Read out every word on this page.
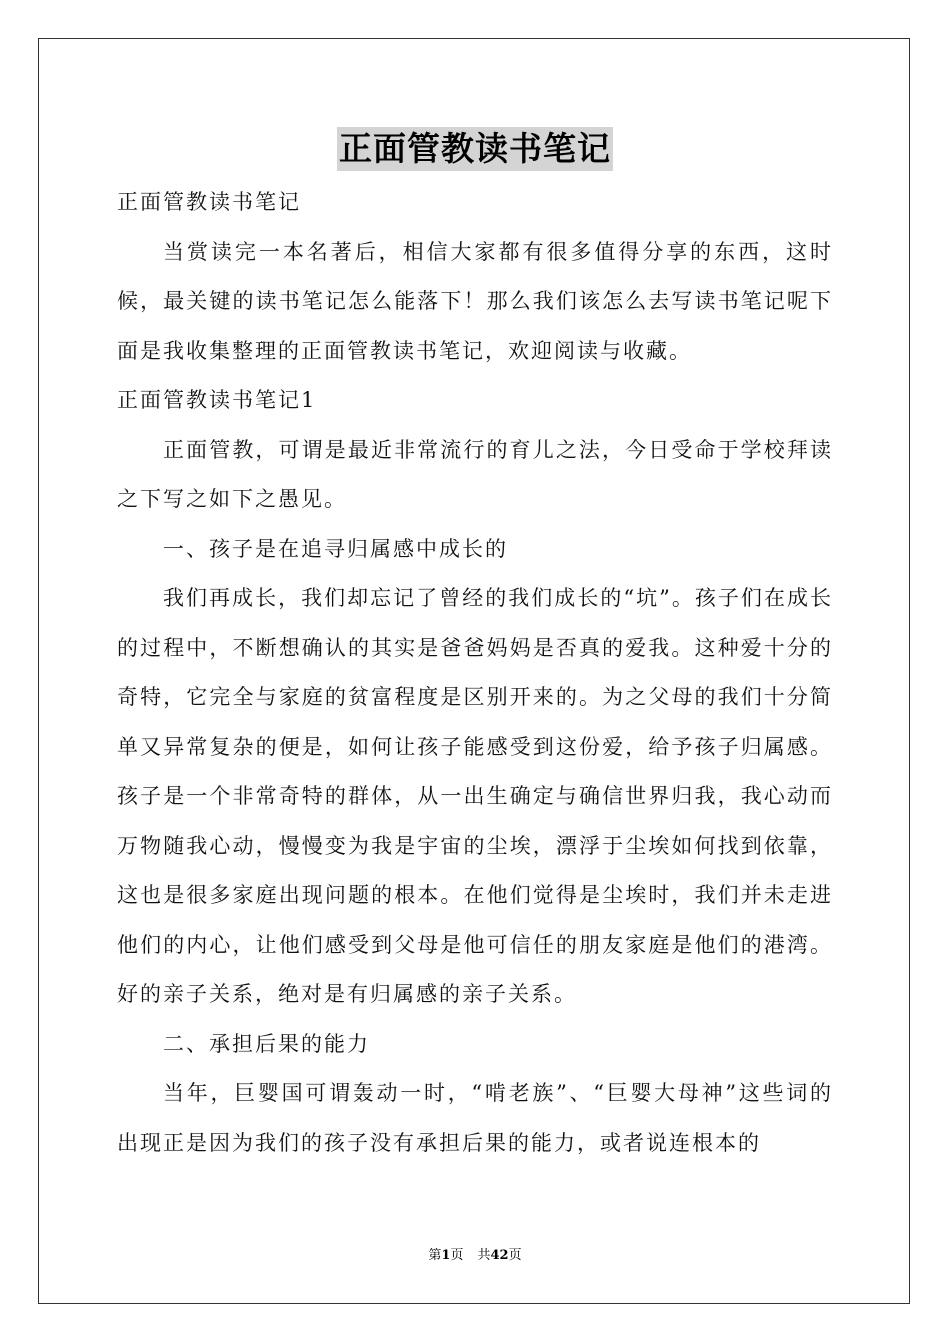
正面管教读书笔记

正面管教读书笔记

当赏读完一本名著后，相信大家都有很多值得分享的东西，这时候，最关键的读书笔记怎么能落下！那么我们该怎么去写读书笔记呢下面是我收集整理的正面管教读书笔记，欢迎阅读与收藏。

正面管教读书笔记1

正面管教，可谓是最近非常流行的育儿之法，今日受命于学校拜读之下写之如下之愚见。

一、孩子是在追寻归属感中成长的

我们再成长，我们却忘记了曾经的我们成长的“坑”。孩子们在成长的过程中，不断想确认的其实是爸爸妈妈是否真的爱我。这种爱十分的奇特，它完全与家庭的贫富程度是区别开来的。为之父母的我们十分简单又异常复杂的便是，如何让孩子能感受到这份爱，给予孩子归属感。孩子是一个非常奇特的群体，从一出生确定与确信世界归我，我心动而万物随我心动，慢慢变为我是宇宙的尘埃，漂浮于尘埃如何找到依靠，这也是很多家庭出现问题的根本。在他们觉得是尘埃时，我们并未走进他们的内心，让他们感受到父母是他可信任的朋友家庭是他们的港湾。好的亲子关系，绝对是有归属感的亲子关系。

二、承担后果的能力

当年，巨婴国可谓轰动一时，“啃老族”、“巨婴大母神”这些词的出现正是因为我们的孩子没有承担后果的能力，或者说连根本的

第1页 共42页
